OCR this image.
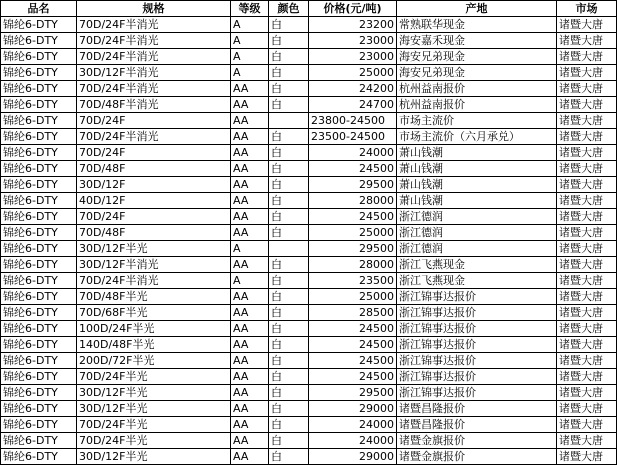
品名	规格	等级	颜色	价格(元/吨)	产地	市场
锦纶6-DTY	70D/24F半消光	A	白	23200	常熟联华现金	诸暨大唐
锦纶6-DTY	70D/24F半消光	A	白	23000	海安嘉禾现金	诸暨大唐
锦纶6-DTY	70D/24F半消光	A	白	23000	海安兄弟现金	诸暨大唐
锦纶6-DTY	30D/12F半消光	A	白	25000	海安兄弟现金	诸暨大唐
锦纶6-DTY	70D/24F半消光	AA	白	24200	杭州益南报价	诸暨大唐
锦纶6-DTY	70D/48F半消光	AA	白	24700	杭州益南报价	诸暨大唐
锦纶6-DTY	70D/24F	AA		23800-24500	市场主流价	诸暨大唐
锦纶6-DTY	70D/24F半消光	AA	白	23500-24500	市场主流价（六月承兑）	诸暨大唐
锦纶6-DTY	70D/24F	AA	白	24000	萧山钱潮	诸暨大唐
锦纶6-DTY	70D/48F	AA	白	24500	萧山钱潮	诸暨大唐
锦纶6-DTY	30D/12F	AA	白	29500	萧山钱潮	诸暨大唐
锦纶6-DTY	40D/12F	AA	白	28000	萧山钱潮	诸暨大唐
锦纶6-DTY	70D/24F	AA	白	24500	浙江德润	诸暨大唐
锦纶6-DTY	70D/48F	AA	白	25000	浙江德润	诸暨大唐
锦纶6-DTY	30D/12F半光	A		29500	浙江德润	诸暨大唐
锦纶6-DTY	30D/12F半消光	AA	白	28000	浙江飞燕现金	诸暨大唐
锦纶6-DTY	70D/24F半消光	A	白	23500	浙江飞燕现金	诸暨大唐
锦纶6-DTY	70D/48F半光	AA	白	25000	浙江锦事达报价	诸暨大唐
锦纶6-DTY	70D/68F半光	AA	白	28500	浙江锦事达报价	诸暨大唐
锦纶6-DTY	100D/24F半光	AA	白	24500	浙江锦事达报价	诸暨大唐
锦纶6-DTY	140D/48F半光	AA	白	24500	浙江锦事达报价	诸暨大唐
锦纶6-DTY	200D/72F半光	AA	白	24500	浙江锦事达报价	诸暨大唐
锦纶6-DTY	70D/24F半光	AA	白	24500	浙江锦事达报价	诸暨大唐
锦纶6-DTY	30D/12F半光	AA	白	29500	浙江锦事达报价	诸暨大唐
锦纶6-DTY	30D/12F半光	AA	白	29000	诸暨昌隆报价	诸暨大唐
锦纶6-DTY	70D/24F半光	AA	白	24000	诸暨昌隆报价	诸暨大唐
锦纶6-DTY	70D/24F半光	AA	白	24000	诸暨金旗报价	诸暨大唐
锦纶6-DTY	30D/12F半光	AA	白	29000	诸暨金旗报价	诸暨大唐
